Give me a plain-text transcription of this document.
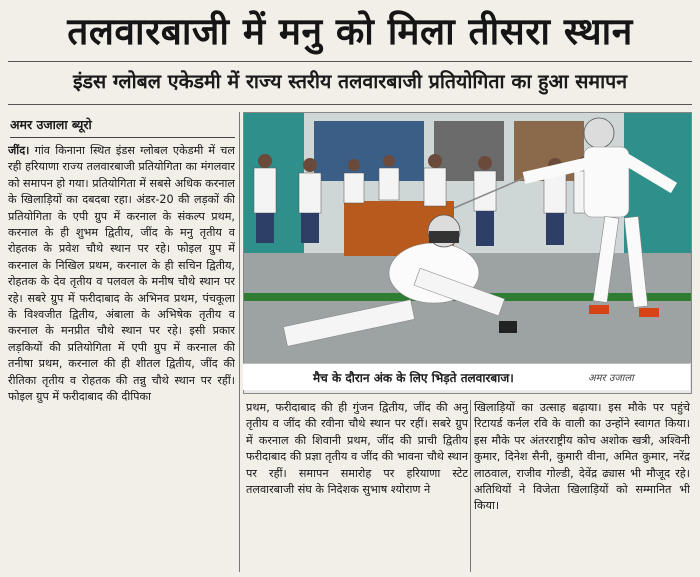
तलवारबाजी में मनु को मिला तीसरा स्थान
इंडस ग्लोबल एकेडमी में राज्य स्तरीय तलवारबाजी प्रतियोगिता का हुआ समापन
अमर उजाला ब्यूरो
जींद। गांव किनाना स्थित इंडस ग्लोबल एकेडमी में चल रही हरियाणा राज्य तलवारबाजी प्रतियोगिता का मंगलवार को समापन हो गया। प्रतियोगिता में सबसे अधिक करनाल के खिलाड़ियों का दबदबा रहा। अंडर-20 की लड़कों की प्रतियोगिता के एपी ग्रुप में करनाल के संकल्प प्रथम, करनाल के ही शुभम द्वितीय, जींद के मनु तृतीय व रोहतक के प्रवेश चौथे स्थान पर रहे। फोइल ग्रुप में करनाल के निखिल प्रथम, करनाल के ही सचिन द्वितीय, रोहतक के देव तृतीय व पलवल के मनीष चौथे स्थान पर रहे। सबरे ग्रुप में फरीदाबाद के अभिनव प्रथम, पंचकूला के विश्वजीत द्वितीय, अंबाला के अभिषेक तृतीय व करनाल के मनप्रीत चौथे स्थान पर रहे। इसी प्रकार लड़कियों की प्रतियोगिता में एपी ग्रुप में करनाल की तनीषा प्रथम, करनाल की ही शीतल द्वितीय, जींद की रीतिका तृतीय व रोहतक की तन्नु चौथे स्थान पर रहीं। फोइल ग्रुप में फरीदाबाद की दीपिका
मैच के दौरान अंक के लिए भिड़ते तलवारबाज।	अमर उजाला
प्रथम, फरीदाबाद की ही गुंजन द्वितीय, जींद की अनु तृतीय व जींद की रवीना चौथे स्थान पर रहीं। सबरे ग्रुप में करनाल की शिवानी प्रथम, जींद की प्राची द्वितीय फरीदाबाद की प्रज्ञा तृतीय व जींद की भावना चौथे स्थान पर रहीं। समापन समारोह पर हरियाणा स्टेट तलवारबाजी संघ के निदेशक सुभाष श्योराण ने
खिलाड़ियों का उत्साह बढ़ाया। इस मौके पर पहुंचे रिटायर्ड कर्नल रवि के वाली का उन्होंने स्वागत किया। इस मौके पर अंतरराष्ट्रीय कोच अशोक खत्री, अश्विनी कुमार, दिनेश सैनी, कुमारी वीना, अमित कुमार, नरेंद्र लाठवाल, राजीव गोल्डी, देवेंद्र ढ्यास भी मौजूद रहे। अतिथियों ने विजेता खिलाड़ियों को सम्मानित भी किया।
